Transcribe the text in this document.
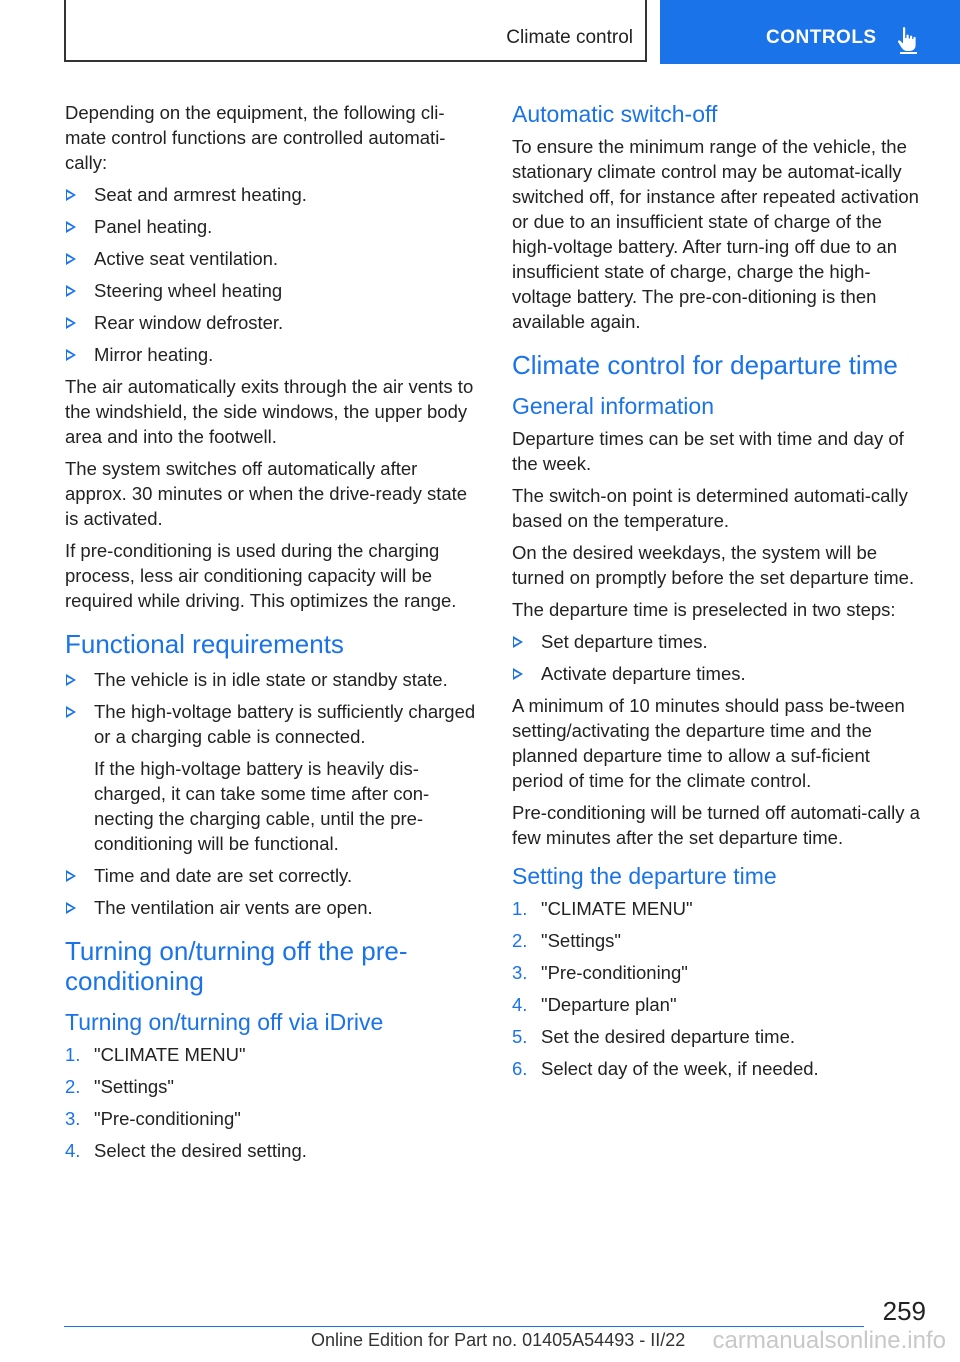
Climate control	CONTROLS

Depending on the equipment, the following cli-mate control functions are controlled automati-cally:

Seat and armrest heating.
Panel heating.
Active seat ventilation.
Steering wheel heating
Rear window defroster.
Mirror heating.

The air automatically exits through the air vents to the windshield, the side windows, the upper body area and into the footwell.

The system switches off automatically after approx. 30 minutes or when the drive-ready state is activated.

If pre-conditioning is used during the charging process, less air conditioning capacity will be required while driving. This optimizes the range.

Functional requirements
The vehicle is in idle state or standby state.
The high-voltage battery is sufficiently charged or a charging cable is connected.
If the high-voltage battery is heavily dis-charged, it can take some time after con-necting the charging cable, until the pre-conditioning will be functional.
Time and date are set correctly.
The ventilation air vents are open.
Turning on/turning off the pre-conditioning
Turning on/turning off via iDrive
1. "CLIMATE MENU"
2. "Settings"
3. "Pre-conditioning"
4. Select the desired setting.
Automatic switch-off

To ensure the minimum range of the vehicle, the stationary climate control may be automat-ically switched off, for instance after repeated activation or due to an insufficient state of charge of the high-voltage battery. After turn-ing off due to an insufficient state of charge, charge the high-voltage battery. The pre-con-ditioning is then available again.

Climate control for departure time
General information

Departure times can be set with time and day of the week.

The switch-on point is determined automati-cally based on the temperature.

On the desired weekdays, the system will be turned on promptly before the set departure time.

The departure time is preselected in two steps:

Set departure times.
Activate departure times.

A minimum of 10 minutes should pass be-tween setting/activating the departure time and the planned departure time to allow a suf-ficient period of time for the climate control.

Pre-conditioning will be turned off automati-cally a few minutes after the set departure time.

Setting the departure time
1. "CLIMATE MENU"
2. "Settings"
3. "Pre-conditioning"
4. "Departure plan"
5. Set the desired departure time.
6. Select day of the week, if needed.
259
Online Edition for Part no. 01405A54493 - II/22 carmanualsonline.info
